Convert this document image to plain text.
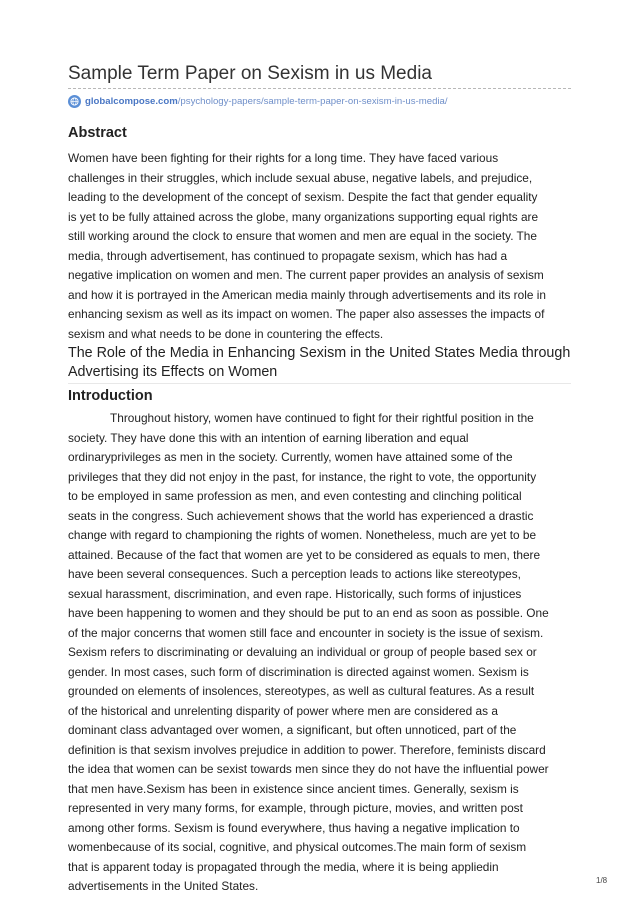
Sample Term Paper on Sexism in us Media
globalcompose.com /psychology-papers/sample-term-paper-on-sexism-in-us-media/
Abstract
Women have been fighting for their rights for a long time. They have faced various
challenges in their struggles, which include sexual abuse, negative labels, and prejudice,
leading to the development of the concept of sexism. Despite the fact that gender equality
is yet to be fully attained across the globe, many organizations supporting equal rights are
still working around the clock to ensure that women and men are equal in the society. The
media, through advertisement, has continued to propagate sexism, which has had a
negative implication on women and men. The current paper provides an analysis of sexism
and how it is portrayed in the American media mainly through advertisements and its role in
enhancing sexism as well as its impact on women. The paper also assesses the impacts of
sexism and what needs to be done in countering the effects.
The Role of the Media in Enhancing Sexism in the United States Media through
Advertising its Effects on Women
Introduction
Throughout history, women have continued to fight for their rightful position in the
society. They have done this with an intention of earning liberation and equal
ordinaryprivileges as men in the society. Currently, women have attained some of the
privileges that they did not enjoy in the past, for instance, the right to vote, the opportunity
to be employed in same profession as men, and even contesting and clinching political
seats in the congress. Such achievement shows that the world has experienced a drastic
change with regard to championing the rights of women. Nonetheless, much are yet to be
attained. Because of the fact that women are yet to be considered as equals to men, there
have been several consequences. Such a perception leads to actions like stereotypes,
sexual harassment, discrimination, and even rape. Historically, such forms of injustices
have been happening to women and they should be put to an end as soon as possible. One
of the major concerns that women still face and encounter in society is the issue of sexism.
Sexism refers to discriminating or devaluing an individual or group of people based sex or
gender. In most cases, such form of discrimination is directed against women. Sexism is
grounded on elements of insolences, stereotypes, as well as cultural features. As a result
of the historical and unrelenting disparity of power where men are considered as a
dominant class advantaged over women, a significant, but often unnoticed, part of the
definition is that sexism involves prejudice in addition to power. Therefore, feminists discard
the idea that women can be sexist towards men since they do not have the influential power
that men have.Sexism has been in existence since ancient times. Generally, sexism is
represented in very many forms, for example, through picture, movies, and written post
among other forms. Sexism is found everywhere, thus having a negative implication to
womenbecause of its social, cognitive, and physical outcomes.The main form of sexism
that is apparent today is propagated through the media, where it is being appliedin
advertisements in the United States.	1/8
